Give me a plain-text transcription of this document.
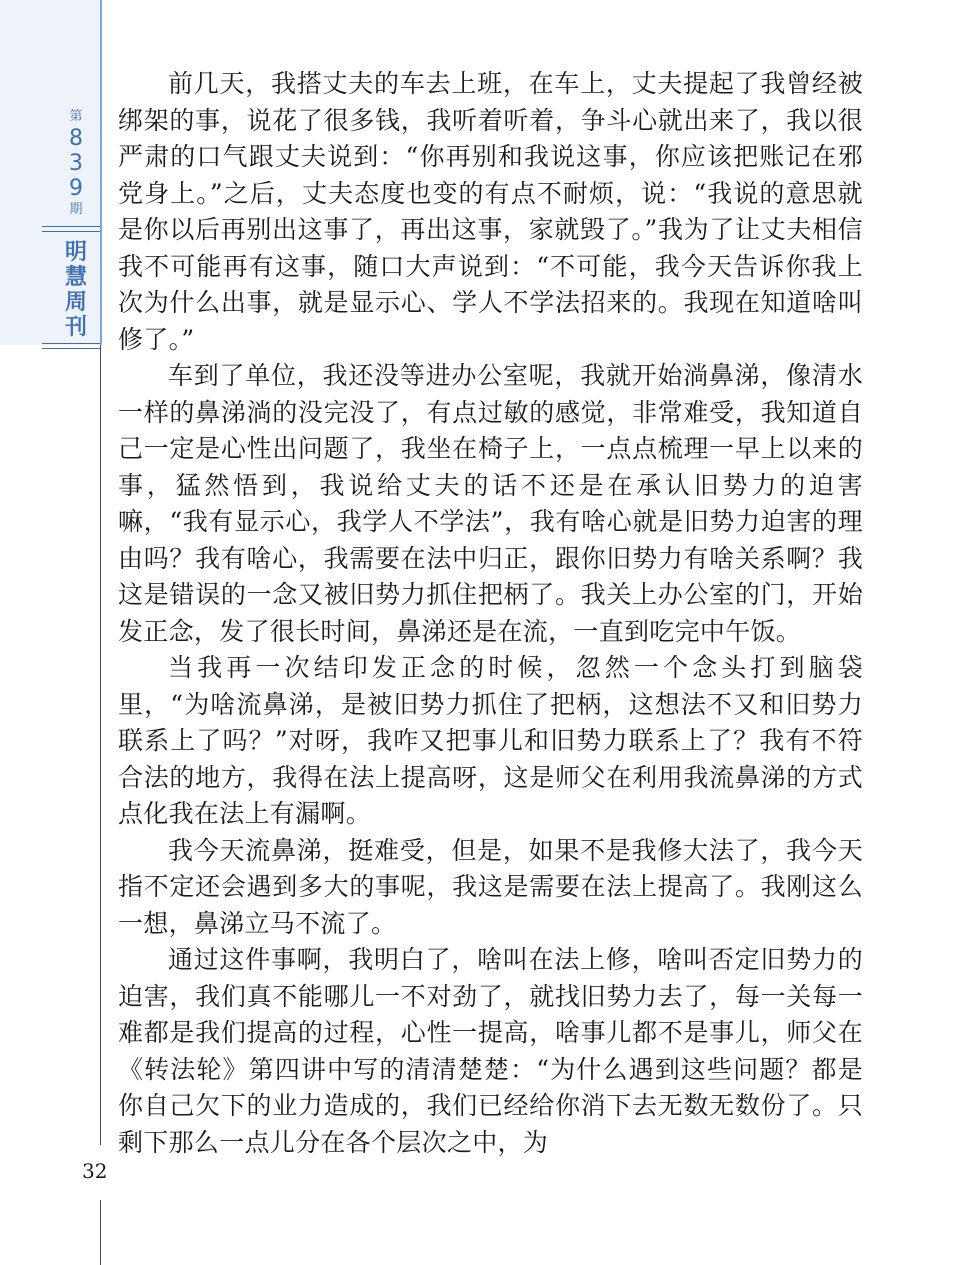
第
8
3
9
期
明
慧
周
刊
32

前几天，我搭丈夫的车去上班，在车上，丈夫提起了我曾经被绑架的事，说花了很多钱，我听着听着，争斗心就出来了，我以很严肃的口气跟丈夫说到：“你再别和我说这事，你应该把账记在邪党身上。”之后，丈夫态度也变的有点不耐烦，说：“我说的意思就是你以后再别出这事了，再出这事，家就毁了。”我为了让丈夫相信我不可能再有这事，随口大声说到：“不可能，我今天告诉你我上次为什么出事，就是显示心、学人不学法招来的。我现在知道啥叫修了。”

车到了单位，我还没等进办公室呢，我就开始淌鼻涕，像清水一样的鼻涕淌的没完没了，有点过敏的感觉，非常难受，我知道自己一定是心性出问题了，我坐在椅子上，一点点梳理一早上以来的事，猛然悟到，我说给丈夫的话不还是在承认旧势力的迫害嘛，“我有显示心，我学人不学法”，我有啥心就是旧势力迫害的理由吗？我有啥心，我需要在法中归正，跟你旧势力有啥关系啊？我这是错误的一念又被旧势力抓住把柄了。我关上办公室的门，开始发正念，发了很长时间，鼻涕还是在流，一直到吃完中午饭。

当我再一次结印发正念的时候，忽然一个念头打到脑袋里，“为啥流鼻涕，是被旧势力抓住了把柄，这想法不又和旧势力联系上了吗？”对呀，我咋又把事儿和旧势力联系上了？我有不符合法的地方，我得在法上提高呀，这是师父在利用我流鼻涕的方式点化我在法上有漏啊。

我今天流鼻涕，挺难受，但是，如果不是我修大法了，我今天指不定还会遇到多大的事呢，我这是需要在法上提高了。我刚这么一想，鼻涕立马不流了。

通过这件事啊，我明白了，啥叫在法上修，啥叫否定旧势力的迫害，我们真不能哪儿一不对劲了，就找旧势力去了，每一关每一难都是我们提高的过程，心性一提高，啥事儿都不是事儿，师父在《转法轮》第四讲中写的清清楚楚：“为什么遇到这些问题？都是你自己欠下的业力造成的，我们已经给你消下去无数无数份了。只剩下那么一点儿分在各个层次之中，为
